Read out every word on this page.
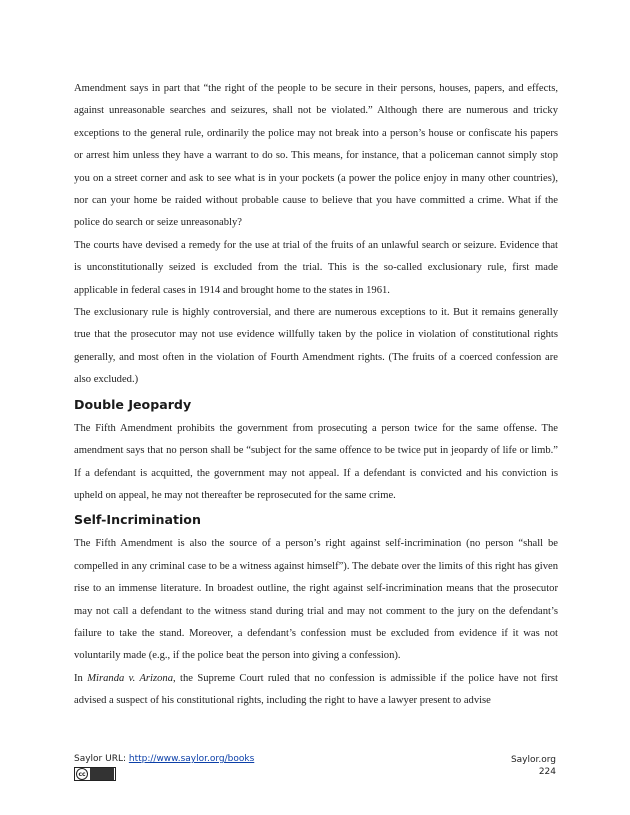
Amendment says in part that “the right of the people to be secure in their persons, houses, papers, and effects, against unreasonable searches and seizures, shall not be violated.” Although there are numerous and tricky exceptions to the general rule, ordinarily the police may not break into a person’s house or confiscate his papers or arrest him unless they have a warrant to do so. This means, for instance, that a policeman cannot simply stop you on a street corner and ask to see what is in your pockets (a power the police enjoy in many other countries), nor can your home be raided without probable cause to believe that you have committed a crime. What if the police do search or seize unreasonably?

The courts have devised a remedy for the use at trial of the fruits of an unlawful search or seizure. Evidence that is unconstitutionally seized is excluded from the trial. This is the so-called exclusionary rule, first made applicable in federal cases in 1914 and brought home to the states in 1961.

The exclusionary rule is highly controversial, and there are numerous exceptions to it. But it remains generally true that the prosecutor may not use evidence willfully taken by the police in violation of constitutional rights generally, and most often in the violation of Fourth Amendment rights. (The fruits of a coerced confession are also excluded.)

Double Jeopardy

The Fifth Amendment prohibits the government from prosecuting a person twice for the same offense. The amendment says that no person shall be “subject for the same offence to be twice put in jeopardy of life or limb.” If a defendant is acquitted, the government may not appeal. If a defendant is convicted and his conviction is upheld on appeal, he may not thereafter be reprosecuted for the same crime.

Self-Incrimination

The Fifth Amendment is also the source of a person’s right against self-incrimination (no person “shall be compelled in any criminal case to be a witness against himself”). The debate over the limits of this right has given rise to an immense literature. In broadest outline, the right against self-incrimination means that the prosecutor may not call a defendant to the witness stand during trial and may not comment to the jury on the defendant’s failure to take the stand. Moreover, a defendant’s confession must be excluded from evidence if it was not voluntarily made (e.g., if the police beat the person into giving a confession).

In Miranda v. Arizona, the Supreme Court ruled that no confession is admissible if the police have not first advised a suspect of his constitutional rights, including the right to have a lawyer present to advise

Saylor URL: http://www.saylor.org/books
cc
Saylor.org
224
